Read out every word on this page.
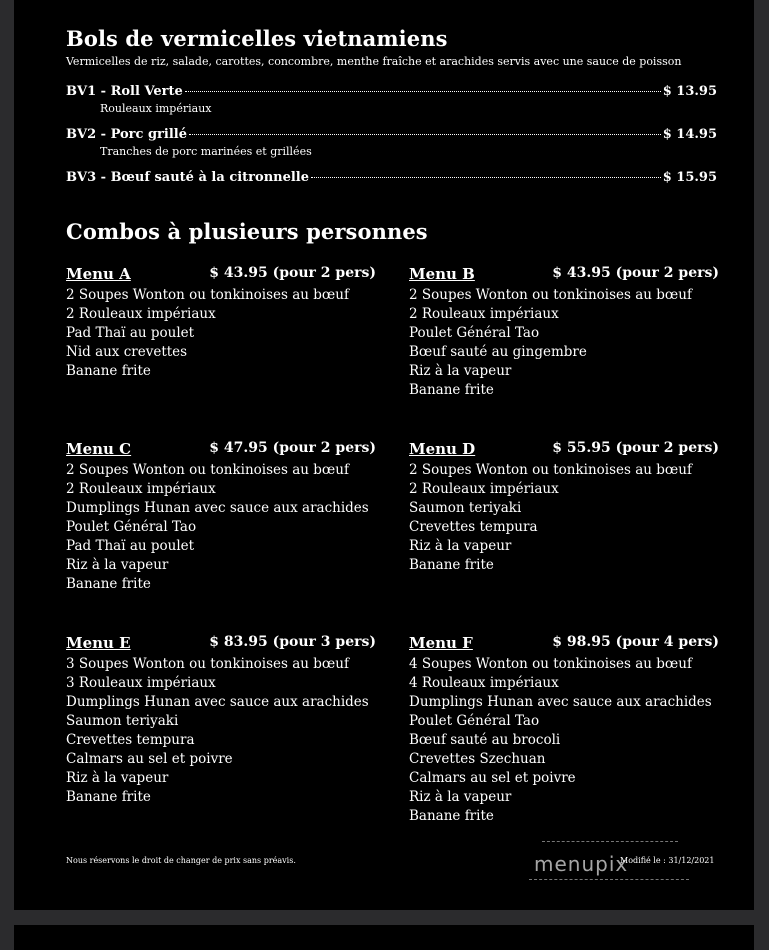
Bols de vermicelles vietnamiens
Vermicelles de riz, salade, carottes, concombre, menthe fraîche et arachides servis avec une sauce de poisson
BV1 - Roll Verte	$ 13.95
Rouleaux impériaux
BV2 - Porc grillé	$ 14.95
Tranches de porc marinées et grillées
BV3 - Bœuf sauté à la citronnelle	$ 15.95
Combos à plusieurs personnes
Menu A	$ 43.95 (pour 2 pers)
2 Soupes Wonton ou tonkinoises au bœuf
2 Rouleaux impériaux
Pad Thaï au poulet
Nid aux crevettes
Banane frite
Menu B	$ 43.95 (pour 2 pers)
2 Soupes Wonton ou tonkinoises au bœuf
2 Rouleaux impériaux
Poulet Général Tao
Bœuf sauté au gingembre
Riz à la vapeur
Banane frite
Menu C	$ 47.95 (pour 2 pers)
2 Soupes Wonton ou tonkinoises au bœuf
2 Rouleaux impériaux
Dumplings Hunan avec sauce aux arachides
Poulet Général Tao
Pad Thaï au poulet
Riz à la vapeur
Banane frite
Menu D	$ 55.95 (pour 2 pers)
2 Soupes Wonton ou tonkinoises au bœuf
2 Rouleaux impériaux
Saumon teriyaki
Crevettes tempura
Riz à la vapeur
Banane frite
Menu E	$ 83.95 (pour 3 pers)
3 Soupes Wonton ou tonkinoises au bœuf
3 Rouleaux impériaux
Dumplings Hunan avec sauce aux arachides
Saumon teriyaki
Crevettes tempura
Calmars au sel et poivre
Riz à la vapeur
Banane frite
Menu F	$ 98.95 (pour 4 pers)
4 Soupes Wonton ou tonkinoises au bœuf
4 Rouleaux impériaux
Dumplings Hunan avec sauce aux arachides
Poulet Général Tao
Bœuf sauté au brocoli
Crevettes Szechuan
Calmars au sel et poivre
Riz à la vapeur
Banane frite
Nous réservons le droit de changer de prix sans préavis.	menupix
Modifié le : 31/12/2021
